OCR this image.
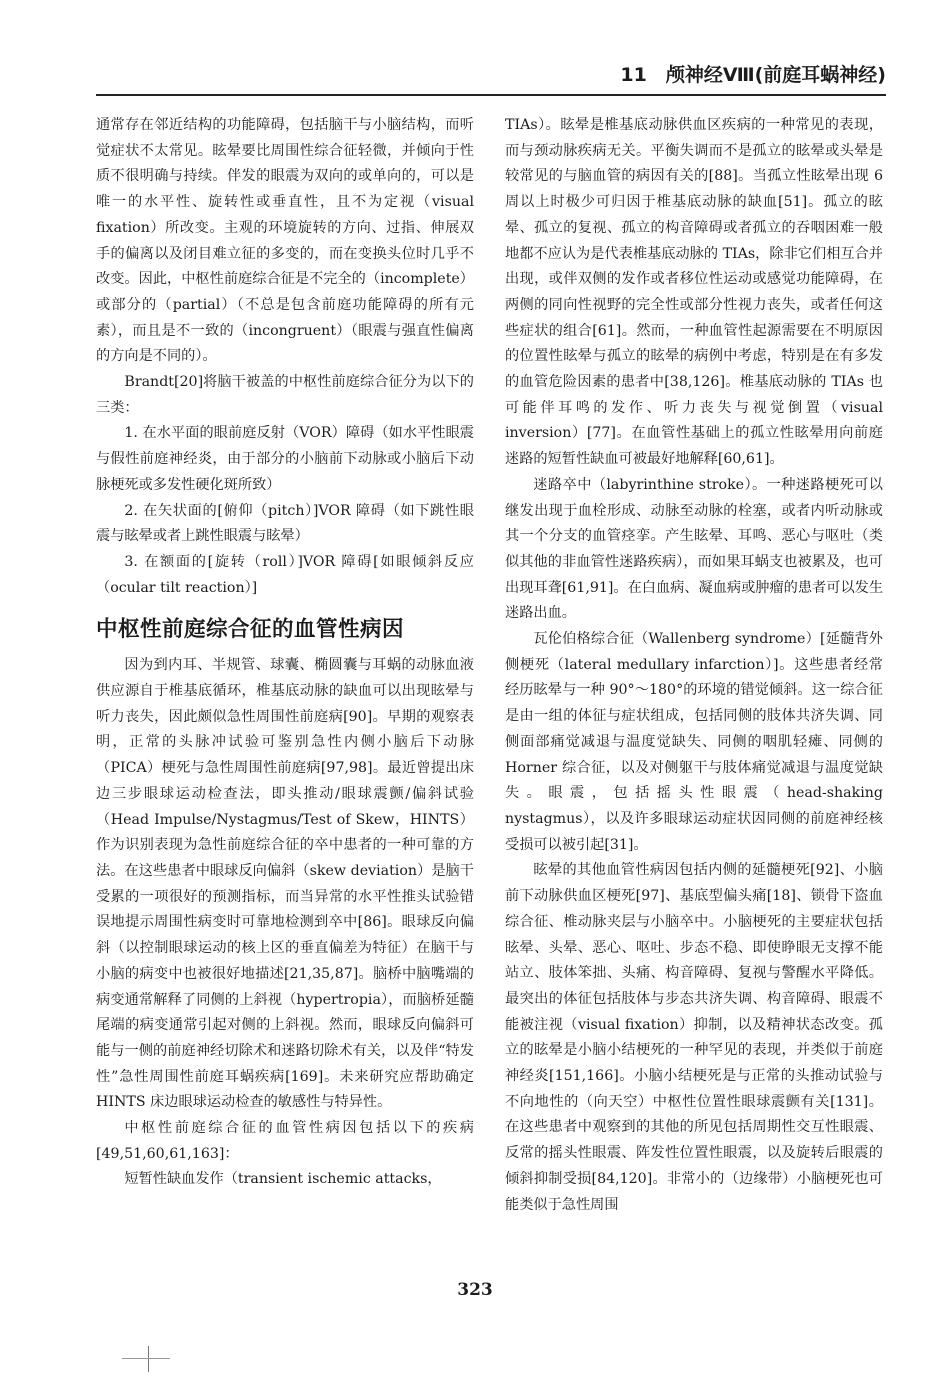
11　颅神经Ⅷ(前庭耳蜗神经)

通常存在邻近结构的功能障碍，包括脑干与小脑结构，而听觉症状不太常见。眩晕要比周围性综合征轻微，并倾向于性质不很明确与持续。伴发的眼震为双向的或单向的，可以是唯一的水平性、旋转性或垂直性，且不为定视（visual fixation）所改变。主观的环境旋转的方向、过指、伸展双手的偏离以及闭目难立征的多变的，而在变换头位时几乎不改变。因此，中枢性前庭综合征是不完全的（incomplete）或部分的（partial）（不总是包含前庭功能障碍的所有元素），而且是不一致的（incongruent）（眼震与强直性偏离的方向是不同的）。

Brandt[20]将脑干被盖的中枢性前庭综合征分为以下的三类：

1. 在水平面的眼前庭反射（VOR）障碍（如水平性眼震与假性前庭神经炎，由于部分的小脑前下动脉或小脑后下动脉梗死或多发性硬化斑所致）

2. 在矢状面的[俯仰（pitch）]VOR 障碍（如下跳性眼震与眩晕或者上跳性眼震与眩晕）

3. 在额面的[旋转（roll）]VOR 障碍[如眼倾斜反应（ocular tilt reaction）]

中枢性前庭综合征的血管性病因

因为到内耳、半规管、球囊、椭圆囊与耳蜗的动脉血液供应源自于椎基底循环，椎基底动脉的缺血可以出现眩晕与听力丧失，因此颇似急性周围性前庭病[90]。早期的观察表明，正常的头脉冲试验可鉴别急性内侧小脑后下动脉（PICA）梗死与急性周围性前庭病[97,98]。最近曾提出床边三步眼球运动检查法，即头推动/眼球震颤/偏斜试验（Head Impulse/Nystagmus/Test of Skew，HINTS）作为识别表现为急性前庭综合征的卒中患者的一种可靠的方法。在这些患者中眼球反向偏斜（skew deviation）是脑干受累的一项很好的预测指标，而当异常的水平性推头试验错误地提示周围性病变时可靠地检测到卒中[86]。眼球反向偏斜（以控制眼球运动的核上区的垂直偏差为特征）在脑干与小脑的病变中也被很好地描述[21,35,87]。脑桥中脑嘴端的病变通常解释了同侧的上斜视（hypertropia），而脑桥延髓尾端的病变通常引起对侧的上斜视。然而，眼球反向偏斜可能与一侧的前庭神经切除术和迷路切除术有关，以及伴“特发性”急性周围性前庭耳蜗疾病[169]。未来研究应帮助确定 HINTS 床边眼球运动检查的敏感性与特异性。

中枢性前庭综合征的血管性病因包括以下的疾病[49,51,60,61,163]：

短暂性缺血发作（transient ischemic attacks，

TIAs）。眩晕是椎基底动脉供血区疾病的一种常见的表现，而与颈动脉疾病无关。平衡失调而不是孤立的眩晕或头晕是较常见的与脑血管的病因有关的[88]。当孤立性眩晕出现 6 周以上时极少可归因于椎基底动脉的缺血[51]。孤立的眩晕、孤立的复视、孤立的构音障碍或者孤立的吞咽困难一般地都不应认为是代表椎基底动脉的 TIAs，除非它们相互合并出现，或伴双侧的发作或者移位性运动或感觉功能障碍，在两侧的同向性视野的完全性或部分性视力丧失，或者任何这些症状的组合[61]。然而，一种血管性起源需要在不明原因的位置性眩晕与孤立的眩晕的病例中考虑，特别是在有多发的血管危险因素的患者中[38,126]。椎基底动脉的 TIAs 也可能伴耳鸣的发作、听力丧失与视觉倒置（visual inversion）[77]。在血管性基础上的孤立性眩晕用向前庭迷路的短暂性缺血可被最好地解释[60,61]。

迷路卒中（labyrinthine stroke）。一种迷路梗死可以继发出现于血栓形成、动脉至动脉的栓塞，或者内听动脉或其一个分支的血管痉挛。产生眩晕、耳鸣、恶心与呕吐（类似其他的非血管性迷路疾病），而如果耳蜗支也被累及，也可出现耳聋[61,91]。在白血病、凝血病或肿瘤的患者可以发生迷路出血。

瓦伦伯格综合征（Wallenberg syndrome）[延髓背外侧梗死（lateral medullary infarction）]。这些患者经常经历眩晕与一种 90°～180°的环境的错觉倾斜。这一综合征是由一组的体征与症状组成，包括同侧的肢体共济失调、同侧面部痛觉减退与温度觉缺失、同侧的咽肌轻瘫、同侧的 Horner 综合征，以及对侧躯干与肢体痛觉减退与温度觉缺失。眼震，包括摇头性眼震（head-shaking nystagmus），以及许多眼球运动症状因同侧的前庭神经核受损可以被引起[31]。

眩晕的其他血管性病因包括内侧的延髓梗死[92]、小脑前下动脉供血区梗死[97]、基底型偏头痛[18]、锁骨下盗血综合征、椎动脉夹层与小脑卒中。小脑梗死的主要症状包括眩晕、头晕、恶心、呕吐、步态不稳、即使睁眼无支撑不能站立、肢体笨拙、头痛、构音障碍、复视与警醒水平降低。最突出的体征包括肢体与步态共济失调、构音障碍、眼震不能被注视（visual fixation）抑制，以及精神状态改变。孤立的眩晕是小脑小结梗死的一种罕见的表现，并类似于前庭神经炎[151,166]。小脑小结梗死是与正常的头推动试验与不向地性的（向天空）中枢性位置性眼球震颤有关[131]。在这些患者中观察到的其他的所见包括周期性交互性眼震、反常的摇头性眼震、阵发性位置性眼震，以及旋转后眼震的倾斜抑制受损[84,120]。非常小的（边缘带）小脑梗死也可能类似于急性周围

323
